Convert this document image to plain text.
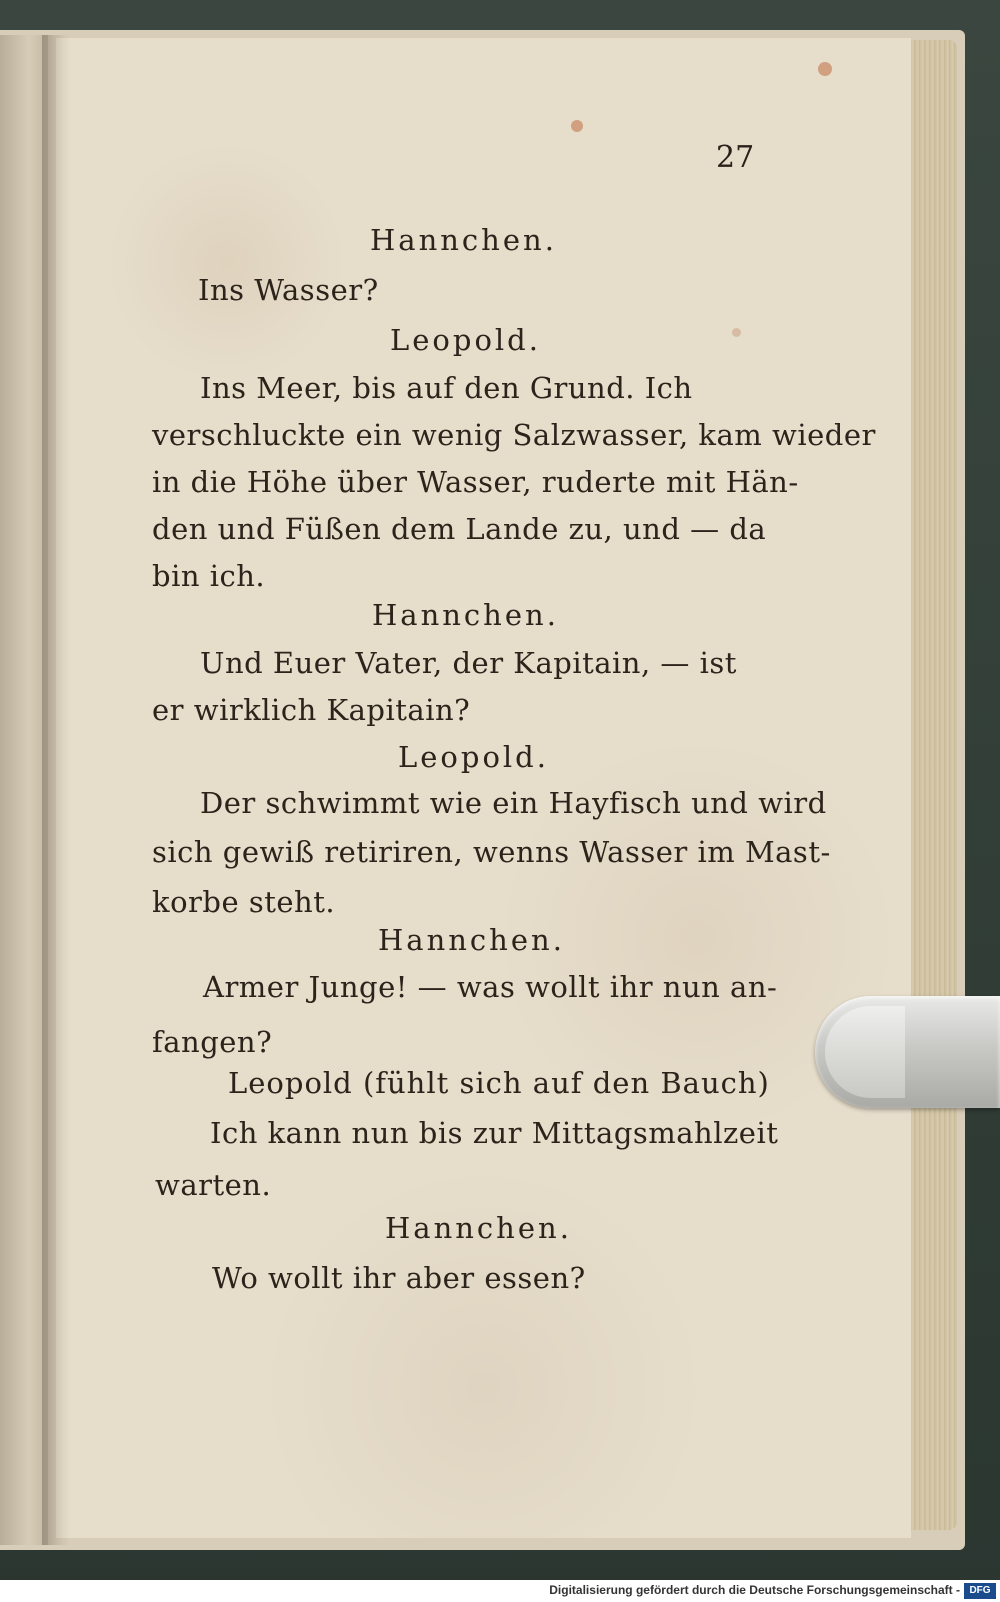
27
Hannchen.
Ins Wasser?
Leopold.
Ins Meer, bis auf den Grund. Ich
verschluckte ein wenig Salzwasser, kam wieder
in die Höhe über Wasser, ruderte mit Hän-
den und Füßen dem Lande zu, und — da
bin ich.
Hannchen.
Und Euer Vater, der Kapitain, — ist
er wirklich Kapitain?
Leopold.
Der schwimmt wie ein Hayfisch und wird
sich gewiß retiriren, wenns Wasser im Mast-
korbe steht.
Hannchen.
Armer Junge! — was wollt ihr nun an-
fangen?
Leopold (fühlt sich auf den Bauch)
Ich kann nun bis zur Mittagsmahlzeit
warten.
Hannchen.
Wo wollt ihr aber essen?
Digitalisierung gefördert durch die Deutsche Forschungsgemeinschaft - DFG
